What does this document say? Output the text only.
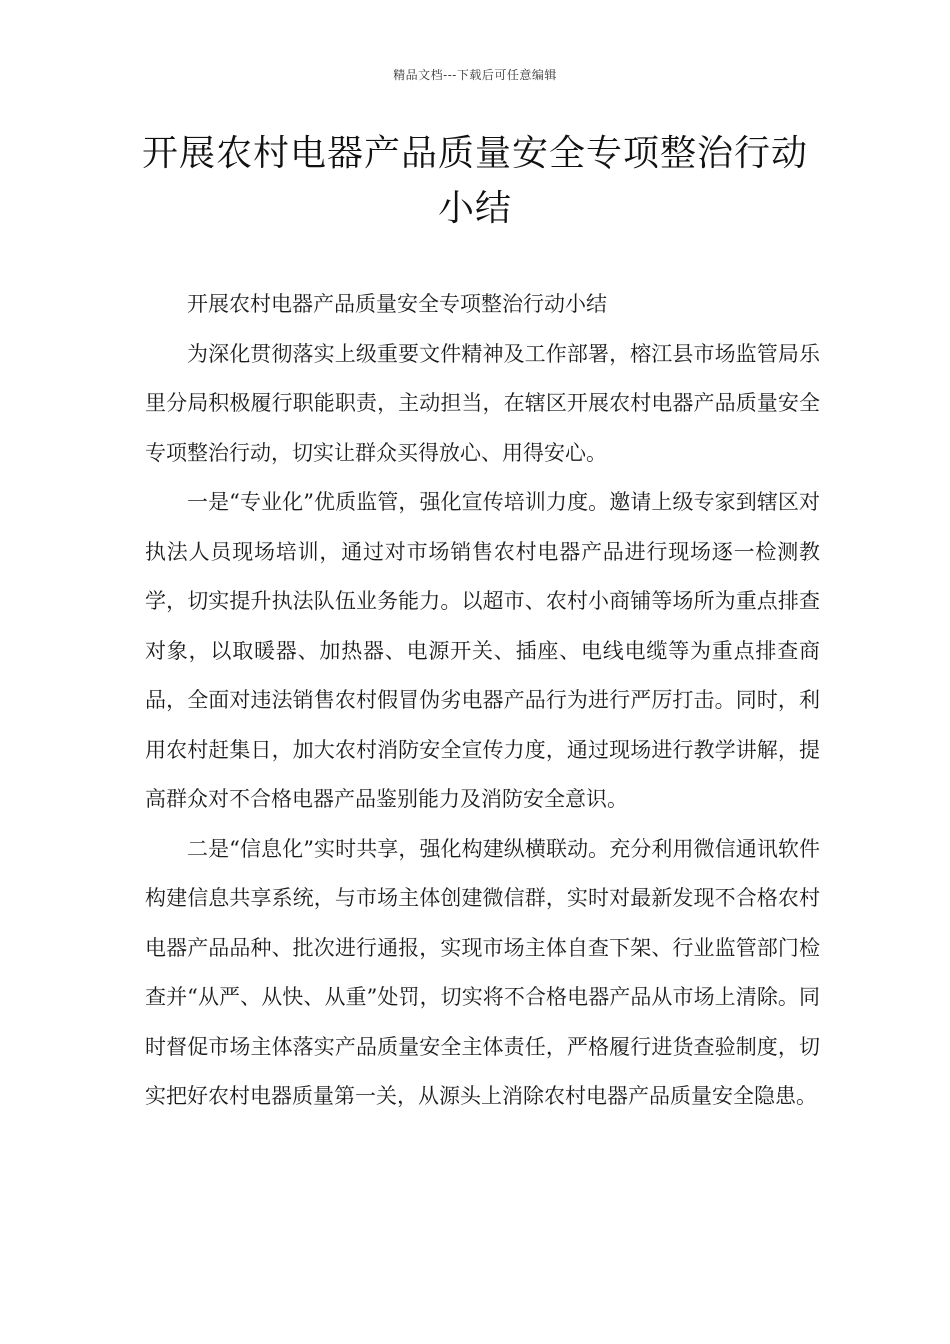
精品文档---下载后可任意编辑
开展农村电器产品质量安全专项整治行动小结

开展农村电器产品质量安全专项整治行动小结

为深化贯彻落实上级重要文件精神及工作部署，榕江县市场监管局乐里分局积极履行职能职责，主动担当，在辖区开展农村电器产品质量安全专项整治行动，切实让群众买得放心、用得安心。

一是“专业化”优质监管，强化宣传培训力度。邀请上级专家到辖区对执法人员现场培训，通过对市场销售农村电器产品进行现场逐一检测教学，切实提升执法队伍业务能力。以超市、农村小商铺等场所为重点排查对象，以取暖器、加热器、电源开关、插座、电线电缆等为重点排查商品，全面对违法销售农村假冒伪劣电器产品行为进行严厉打击。同时，利用农村赶集日，加大农村消防安全宣传力度，通过现场进行教学讲解，提高群众对不合格电器产品鉴别能力及消防安全意识。

二是“信息化”实时共享，强化构建纵横联动。充分利用微信通讯软件构建信息共享系统，与市场主体创建微信群，实时对最新发现不合格农村电器产品品种、批次进行通报，实现市场主体自查下架、行业监管部门检查并“从严、从快、从重”处罚，切实将不合格电器产品从市场上清除。同时督促市场主体落实产品质量安全主体责任，严格履行进货查验制度，切实把好农村电器质量第一关，从源头上消除农村电器产品质量安全隐患。
